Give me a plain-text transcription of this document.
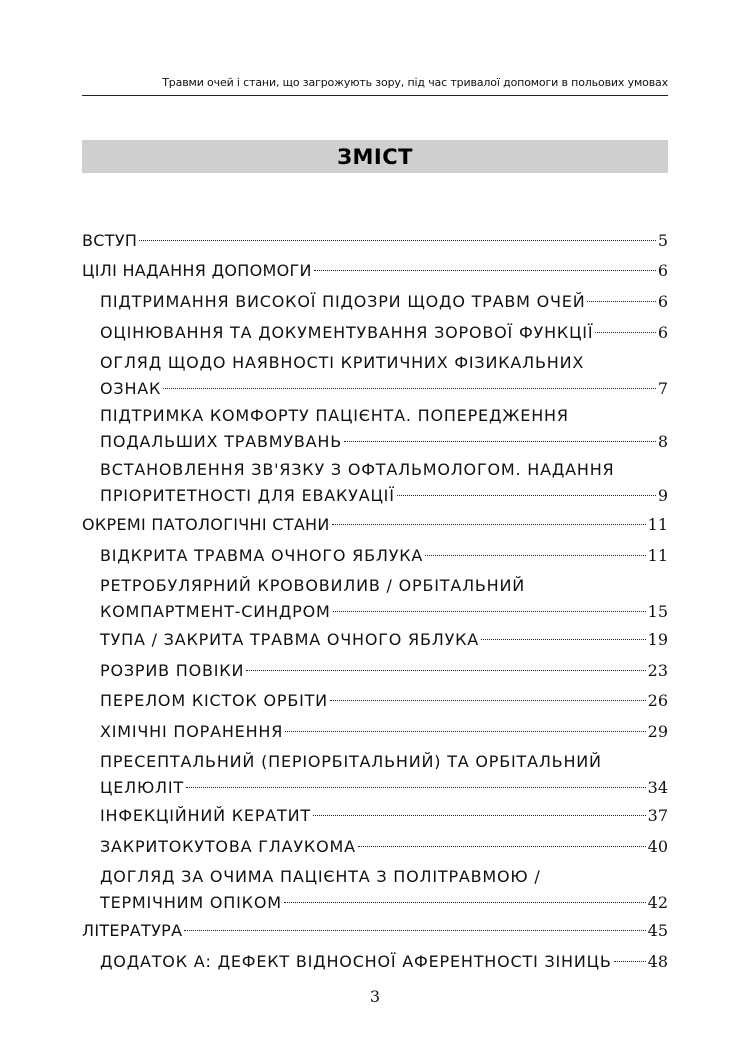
Травми очей і стани, що загрожують зору, під час тривалої допомоги в польових умовах
ЗМІСТ
ВСТУП	5
ЦІЛІ НАДАННЯ ДОПОМОГИ	6
ПІДТРИМАННЯ ВИСОКОЇ ПІДОЗРИ ЩОДО ТРАВМ ОЧЕЙ	6
ОЦІНЮВАННЯ ТА ДОКУМЕНТУВАННЯ ЗОРОВОЇ ФУНКЦІЇ	6
ОГЛЯД ЩОДО НАЯВНОСТІ КРИТИЧНИХ ФІЗИКАЛЬНИХ
ОЗНАК	7
ПІДТРИМКА КОМФОРТУ ПАЦІЄНТА. ПОПЕРЕДЖЕННЯ
ПОДАЛЬШИХ ТРАВМУВАНЬ	8
ВСТАНОВЛЕННЯ ЗВ'ЯЗКУ З ОФТАЛЬМОЛОГОМ. НАДАННЯ
ПРІОРИТЕТНОСТІ ДЛЯ ЕВАКУАЦІЇ	9
ОКРЕМІ ПАТОЛОГІЧНІ СТАНИ	11
ВІДКРИТА ТРАВМА ОЧНОГО ЯБЛУКА	11
РЕТРОБУЛЯРНИЙ КРОВОВИЛИВ / ОРБІТАЛЬНИЙ
КОМПАРТМЕНТ-СИНДРОМ	15
ТУПА / ЗАКРИТА ТРАВМА ОЧНОГО ЯБЛУКА	19
РОЗРИВ ПОВІКИ	23
ПЕРЕЛОМ КІСТОК ОРБІТИ	26
ХІМІЧНІ ПОРАНЕННЯ	29
ПРЕСЕПТАЛЬНИЙ (ПЕРІОРБІТАЛЬНИЙ) ТА ОРБІТАЛЬНИЙ
ЦЕЛЮЛІТ	34
ІНФЕКЦІЙНИЙ КЕРАТИТ	37
ЗАКРИТОКУТОВА ГЛАУКОМА	40
ДОГЛЯД ЗА ОЧИМА ПАЦІЄНТА З ПОЛІТРАВМОЮ /
ТЕРМІЧНИМ ОПІКОМ	42
ЛІТЕРАТУРА	45
ДОДАТОК А: ДЕФЕКТ ВІДНОСНОЇ АФЕРЕНТНОСТІ ЗІНИЦЬ 48
3
